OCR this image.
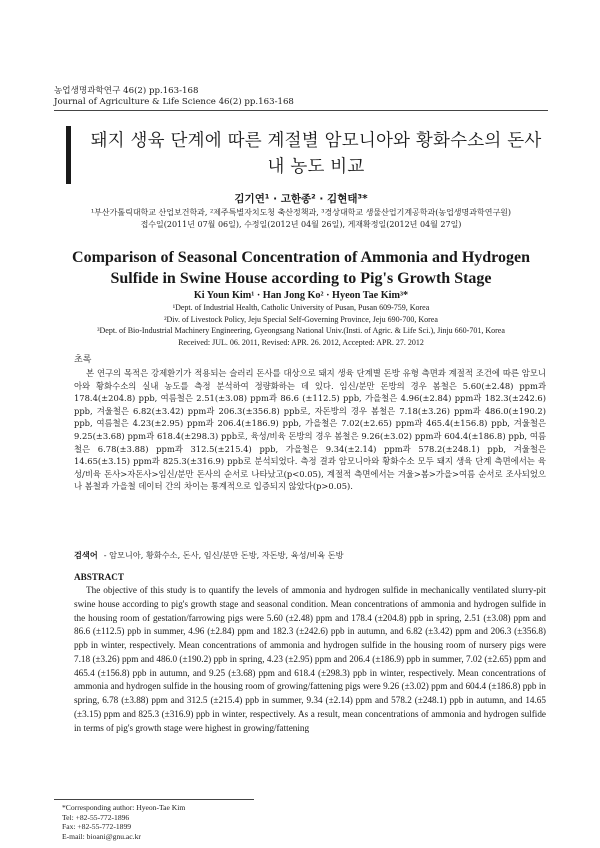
농업생명과학연구 46(2) pp.163-168
Journal of Agriculture & Life Science 46(2) pp.163-168
돼지 생육 단계에 따른 계절별 암모니아와 황화수소의 돈사 내 농도 비교
김기연¹ · 고한종² · 김현태³*
¹부산가톨릭대학교 산업보건학과, ²제주특별자치도청 축산정책과, ³경상대학교 생물산업기계공학과(농업생명과학연구원)
접수일(2011년 07월 06일), 수정일(2012년 04월 26일), 게재확정일(2012년 04월 27일)
Comparison of Seasonal Concentration of Ammonia and Hydrogen Sulfide in Swine House according to Pig's Growth Stage
Ki Youn Kim¹ · Han Jong Ko² · Hyeon Tae Kim³*
¹Dept. of Industrial Health, Catholic University of Pusan, Pusan 609-759, Korea
²Div. of Livestock Policy, Jeju Special Self-Governing Province, Jeju 690-700, Korea
³Dept. of Bio-Industrial Machinery Engineering, Gyeongsang National Univ.(Insti. of Agric. & Life Sci.), Jinju 660-701, Korea
Received: JUL. 06. 2011, Revised: APR. 26. 2012, Accepted: APR. 27. 2012
초록
본 연구의 목적은 강제환기가 적용되는 슬러리 돈사를 대상으로 돼지 생육 단계별 돈방 유형 측면과 계절적 조건에 따른 암모니아와 황화수소의 실내 농도를 측정 분석하여 정량화하는 데 있다. 임신/분만 돈방의 경우 봄철은 5.60(±2.48) ppm과 178.4(±204.8) ppb, 여름철은 2.51(±3.08) ppm과 86.6 (±112.5) ppb, 가을철은 4.96(±2.84) ppm과 182.3(±242.6) ppb, 겨울철은 6.82(±3.42) ppm과 206.3(±356.8) ppb로, 자돈방의 경우 봄철은 7.18(±3.26) ppm과 486.0(±190.2) ppb, 여름철은 4.23(±2.95) ppm과 206.4(±186.9) ppb, 가을철은 7.02(±2.65) ppm과 465.4(±156.8) ppb, 겨울철은 9.25(±3.68) ppm과 618.4(±298.3) ppb로, 육성/비육 돈방의 경우 봄철은 9.26(±3.02) ppm과 604.4(±186.8) ppb, 여름철은 6.78(±3.88) ppm과 312.5(±215.4) ppb, 가을철은 9.34(±2.14) ppm과 578.2(±248.1) ppb, 겨울철은 14.65(±3.15) ppm과 825.3(±316.9) ppb로 분석되었다. 측정 결과 암모니아와 황화수소 모두 돼지 생육 단계 측면에서는 육성/비육 돈사>자돈사>임신/분만 돈사의 순서로 나타났고(p<0.05), 계절적 측면에서는 겨울>봄>가을>여름 순서로 조사되었으나 봄철과 가을철 데이터 간의 차이는 통계적으로 입증되지 않았다(p>0.05).
검색어 - 암모니아, 황화수소, 돈사, 임신/분만 돈방, 자돈방, 육성/비육 돈방
ABSTRACT
The objective of this study is to quantify the levels of ammonia and hydrogen sulfide in mechanically ventilated slurry-pit swine house according to pig's growth stage and seasonal condition. Mean concentrations of ammonia and hydrogen sulfide in the housing room of gestation/farrowing pigs were 5.60 (±2.48) ppm and 178.4 (±204.8) ppb in spring, 2.51 (±3.08) ppm and 86.6 (±112.5) ppb in summer, 4.96 (±2.84) ppm and 182.3 (±242.6) ppb in autumn, and 6.82 (±3.42) ppm and 206.3 (±356.8) ppb in winter, respectively. Mean concentrations of ammonia and hydrogen sulfide in the housing room of nursery pigs were 7.18 (±3.26) ppm and 486.0 (±190.2) ppb in spring, 4.23 (±2.95) ppm and 206.4 (±186.9) ppb in summer, 7.02 (±2.65) ppm and 465.4 (±156.8) ppb in autumn, and 9.25 (±3.68) ppm and 618.4 (±298.3) ppb in winter, respectively. Mean concentrations of ammonia and hydrogen sulfide in the housing room of growing/fattening pigs were 9.26 (±3.02) ppm and 604.4 (±186.8) ppb in spring, 6.78 (±3.88) ppm and 312.5 (±215.4) ppb in summer, 9.34 (±2.14) ppm and 578.2 (±248.1) ppb in autumn, and 14.65 (±3.15) ppm and 825.3 (±316.9) ppb in winter, respectively. As a result, mean concentrations of ammonia and hydrogen sulfide in terms of pig's growth stage were highest in growing/fattening
*Corresponding author: Hyeon-Tae Kim
Tel: +82-55-772-1896
Fax: +82-55-772-1899
E-mail: bioani@gnu.ac.kr
